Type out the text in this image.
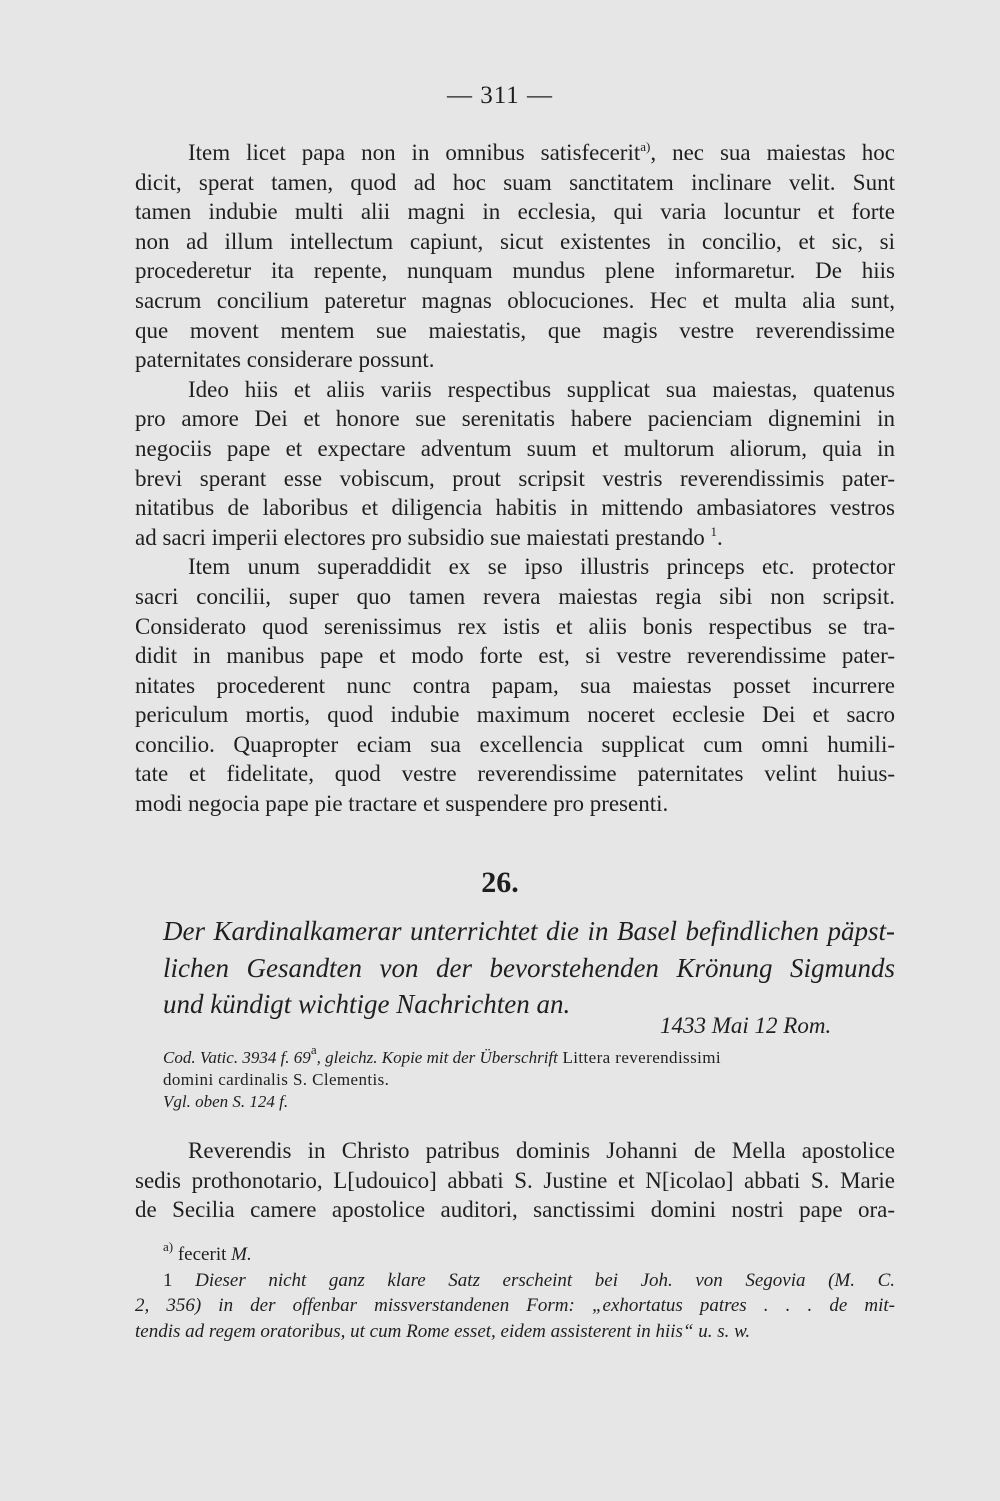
— 311 —
Item licet papa non in omnibus satisfecerit$^{a)}$, nec sua maiestas hoc
dicit, sperat tamen, quod ad hoc suam sanctitatem inclinare velit. Sunt
tamen indubie multi alii magni in ecclesia, qui varia locuntur et forte
non ad illum intellectum capiunt, sicut existentes in concilio, et sic, si
procederetur ita repente, nunquam mundus plene informaretur. De hiis
sacrum concilium pateretur magnas oblocuciones. Hec et multa alia sunt,
que movent mentem sue maiestatis, que magis vestre reverendissime
paternitates considerare possunt.
Ideo hiis et aliis variis respectibus supplicat sua maiestas, quatenus
pro amore Dei et honore sue serenitatis habere pacienciam dignemini in
negociis pape et expectare adventum suum et multorum aliorum, quia in
brevi sperant esse vobiscum, prout scripsit vestris reverendissimis pater-
nitatibus de laboribus et diligencia habitis in mittendo ambasiatores vestros
ad sacri imperii electores pro subsidio sue maiestati prestando $^1$.
Item unum superaddidit ex se ipso illustris princeps etc. protector
sacri concilii, super quo tamen revera maiestas regia sibi non scripsit.
Considerato quod serenissimus rex istis et aliis bonis respectibus se tra-
didit in manibus pape et modo forte est, si vestre reverendissime pater-
nitates procederent nunc contra papam, sua maiestas posset incurrere
periculum mortis, quod indubie maximum noceret ecclesie Dei et sacro
concilio. Quapropter eciam sua excellencia supplicat cum omni humili-
tate et fidelitate, quod vestre reverendissime paternitates velint huius-
modi negocia pape pie tractare et suspendere pro presenti.
26.
Der Kardinalkamerar unterrichtet die in Basel befindlichen päpst-
lichen Gesandten von der bevorstehenden Krönung Sigmunds
und kündigt wichtige Nachrichten an.
1433 Mai 12 Rom.
Cod. Vatic. 3934 f. 69$^a$, gleichz. Kopie mit der Überschrift Littera reverendissimi
domini cardinalis S. Clementis.
Vgl. oben S. 124 f.
Reverendis in Christo patribus dominis Johanni de Mella apostolice
sedis prothonotario, L[udouico] abbati S. Justine et N[icolao] abbati S. Marie
de Secilia camere apostolice auditori, sanctissimi domini nostri pape ora-
$^{a)}$ fecerit M.
1 Dieser nicht ganz klare Satz erscheint bei Joh. von Segovia (M. C.
2, 356) in der offenbar missverstandenen Form: „exhortatus patres . . . de mit-
tendis ad regem oratoribus, ut cum Rome esset, eidem assisterent in hiis“ u. s. w.
